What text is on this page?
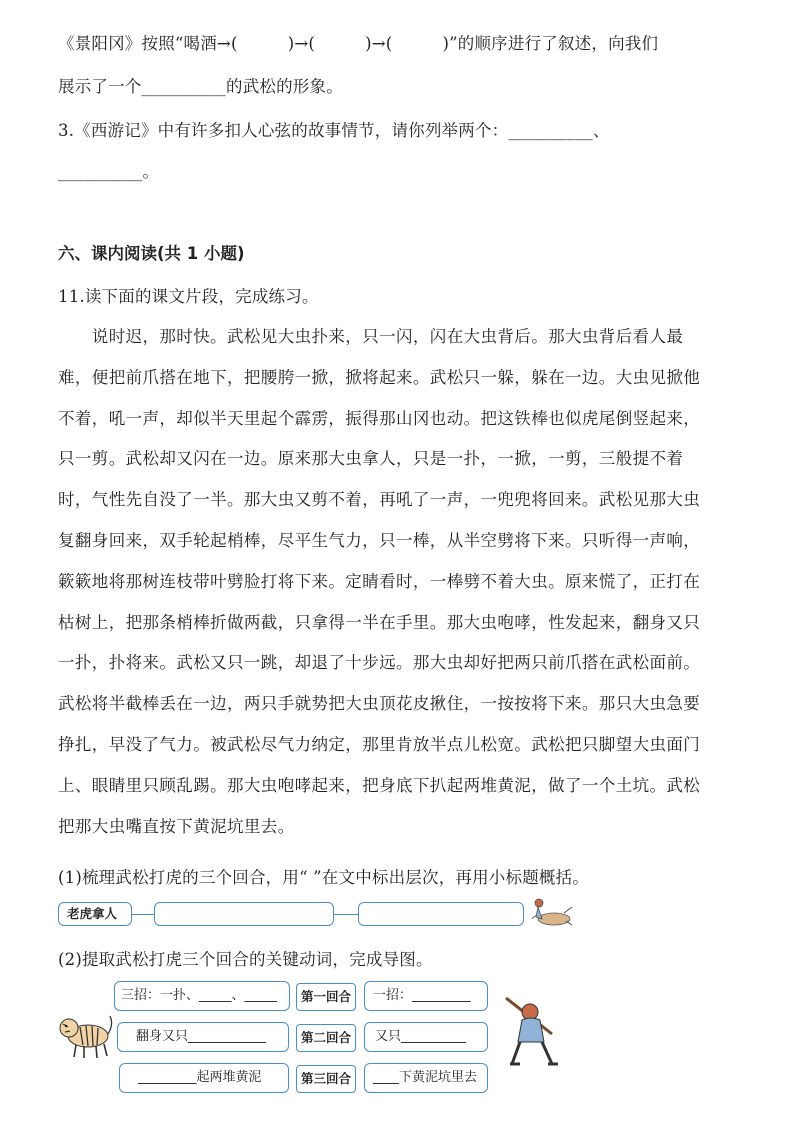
《景阳冈》按照“喝酒→(　　　)→(　　　)→(　　　)”的顺序进行了叙述，向我们
展示了一个__________的武松的形象。
3.《西游记》中有许多扣人心弦的故事情节，请你列举两个：__________、
__________。
六、课内阅读(共 1 小题)
11.读下面的课文片段，完成练习。
　　说时迟，那时快。武松见大虫扑来，只一闪，闪在大虫背后。那大虫背后看人最
难，便把前爪搭在地下，把腰胯一掀，掀将起来。武松只一躲，躲在一边。大虫见掀他
不着，吼一声，却似半天里起个霹雳，振得那山冈也动。把这铁棒也似虎尾倒竖起来，
只一剪。武松却又闪在一边。原来那大虫拿人，只是一扑，一掀，一剪，三般提不着
时，气性先自没了一半。那大虫又剪不着，再吼了一声，一兜兜将回来。武松见那大虫
复翻身回来，双手轮起梢棒，尽平生气力，只一棒，从半空劈将下来。只听得一声响，
簌簌地将那树连枝带叶劈脸打将下来。定睛看时，一棒劈不着大虫。原来慌了，正打在
枯树上，把那条梢棒折做两截，只拿得一半在手里。那大虫咆哮，性发起来，翻身又只
一扑，扑将来。武松又只一跳，却退了十步远。那大虫却好把两只前爪搭在武松面前。
武松将半截棒丢在一边，两只手就势把大虫顶花皮揪住，一按按将下来。那只大虫急要
挣扎，早没了气力。被武松尽气力纳定，那里肯放半点儿松宽。武松把只脚望大虫面门
上、眼睛里只顾乱踢。那大虫咆哮起来，把身底下扒起两堆黄泥，做了一个土坑。武松
把那大虫嘴直按下黄泥坑里去。
(1)梳理武松打虎的三个回合，用“ ”在文中标出层次，再用小标题概括。
老虎拿人
(2)提取武松打虎三个回合的关键动词，完成导图。
三招：一扑、_____、_____	第一回合	一招：_________
翻身又只____________	第二回合	又只__________
_________起两堆黄泥	第三回合	____下黄泥坑里去
